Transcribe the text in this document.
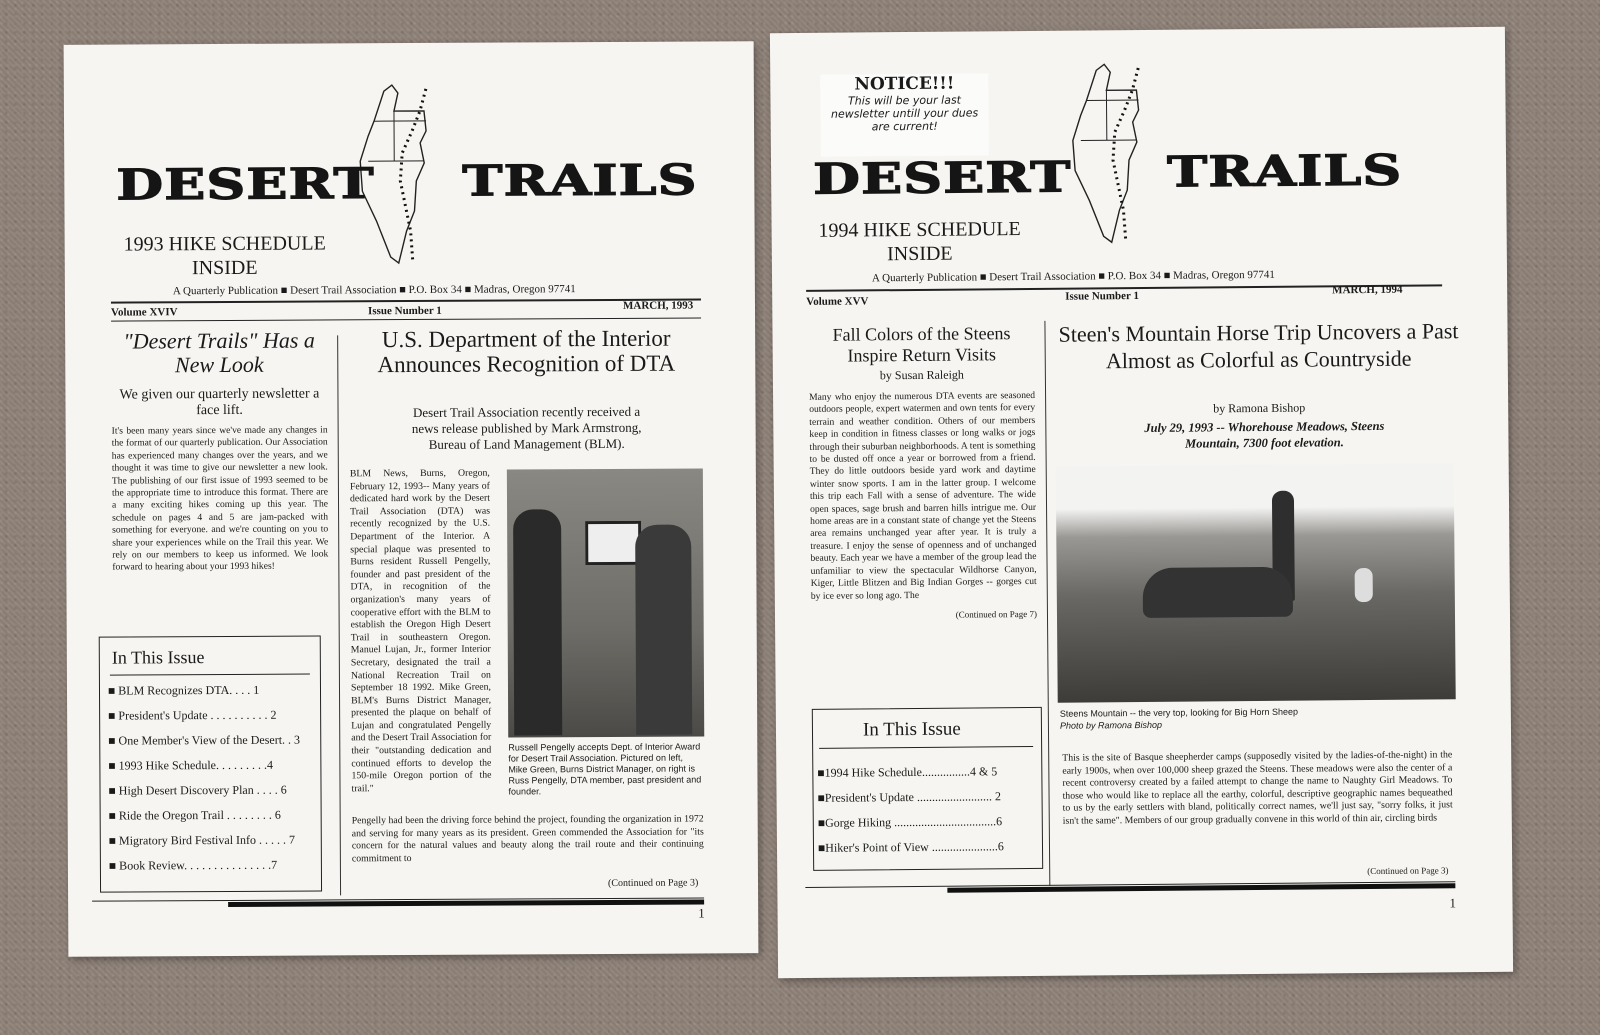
DESERT TRAILS
1993 HIKE SCHEDULE INSIDE
A Quarterly Publication ■ Desert Trail Association ■ P.O. Box 34 ■ Madras, Oregon 97741
Volume XVIV	Issue Number 1	MARCH, 1993
"Desert Trails" Has a New Look
We given our quarterly newsletter a face lift.
It's been many years since we've made any changes in the format of our quarterly publication. Our Association has experienced many changes over the years, and we thought it was time to give our newsletter a new look. The publishing of our first issue of 1993 seemed to be the appropriate time to introduce this format. There are a many exciting hikes coming up this year. The schedule on pages 4 and 5 are jam-packed with something for everyone. and we're counting on you to share your experiences while on the Trail this year. We rely on our members to keep us informed. We look forward to hearing about your 1993 hikes!
In This Issue
■ BLM Recognizes DTA. . . . 1
■ President's Update . . . . . . . . . . 2
■ One Member's View of the Desert. . 3
■ 1993 Hike Schedule. . . . . . . . .4
■ High Desert Discovery Plan . . . . 6
■ Ride the Oregon Trail . . . . . . . . 6
■ Migratory Bird Festival Info . . . . . 7
■ Book Review. . . . . . . . . . . . . . .7
U.S. Department of the Interior Announces Recognition of DTA
Desert Trail Association recently received a news release published by Mark Armstrong, Bureau of Land Management (BLM).
BLM News, Burns, Oregon, February 12, 1993-- Many years of dedicated hard work by the Desert Trail Association (DTA) was recently recognized by the U.S. Department of the Interior. A special plaque was presented to Burns resident Russell Pengelly, founder and past president of the DTA, in recognition of the organization's many years of cooperative effort with the BLM to establish the Oregon High Desert Trail in southeastern Oregon. Manuel Lujan, Jr., former Interior Secretary, designated the trail a National Recreation Trail on September 18 1992. Mike Green, BLM's Burns District Manager, presented the plaque on behalf of Lujan and congratulated Pengelly and the Desert Trail Association for their "outstanding dedication and continued efforts to develop the 150-mile Oregon portion of the trail."
Russell Pengelly accepts Dept. of Interior Award for Desert Trail Association. Pictured on left, Mike Green, Burns District Manager, on right is Russ Pengelly, DTA member, past president and founder.
Pengelly had been the driving force behind the project, founding the organization in 1972 and serving for many years as its president. Green commended the Association for "its concern for the natural values and beauty along the trail route and their continuing commitment to
(Continued on Page 3)
1
NOTICE!!!
This will be your last newsletter untill your dues are current!
DESERT TRAILS
1994 HIKE SCHEDULE INSIDE
A Quarterly Publication ■ Desert Trail Association ■ P.O. Box 34 ■ Madras, Oregon 97741
Volume XVV	Issue Number 1	MARCH, 1994
Fall Colors of the Steens Inspire Return Visits
by Susan Raleigh
Many who enjoy the numerous DTA events are seasoned outdoors people, expert watermen and own tents for every terrain and weather condition. Others of our members keep in condition in fitness classes or long walks or jogs through their suburban neighborhoods. A tent is something to be dusted off once a year or borrowed from a friend. They do little outdoors beside yard work and daytime winter snow sports. I am in the latter group. I welcome this trip each Fall with a sense of adventure. The wide open spaces, sage brush and barren hills intrigue me. Our home areas are in a constant state of change yet the Steens area remains unchanged year after year. It is truly a treasure. I enjoy the sense of openness and of unchanged beauty. Each year we have a member of the group lead the unfamiliar to view the spectacular Wildhorse Canyon, Kiger, Little Blitzen and Big Indian Gorges -- gorges cut by ice ever so long ago. The
(Continued on Page 7)
In This Issue
■1994 Hike Schedule................4 & 5
■President's Update ......................... 2
■Gorge Hiking ..................................6
■Hiker's Point of View ......................6
Steen's Mountain Horse Trip Uncovers a Past Almost as Colorful as Countryside
by Ramona Bishop
July 29, 1993 -- Whorehouse Meadows, Steens Mountain, 7300 foot elevation.
Steens Mountain -- the very top, looking for Big Horn Sheep
Photo by Ramona Bishop
This is the site of Basque sheepherder camps (supposedly visited by the ladies-of-the-night) in the early 1900s, when over 100,000 sheep grazed the Steens. These meadows were also the center of a recent controversy created by a failed attempt to change the name to Naughty Girl Meadows. To those who would like to replace all the earthy, colorful, descriptive geographic names bequeathed to us by the early settlers with bland, politically correct names, we'll just say, "sorry folks, it just isn't the same". Members of our group gradually convene in this world of thin air, circling birds
(Continued on Page 3)
1
